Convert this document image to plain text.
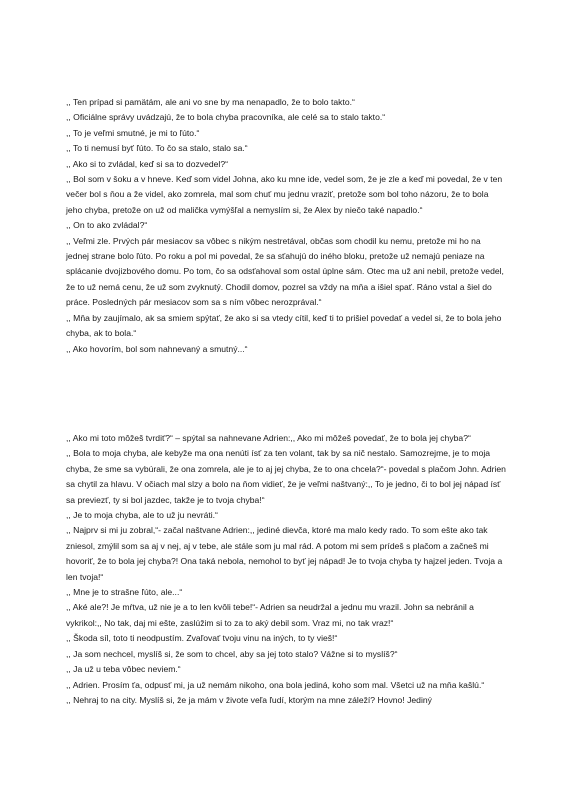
,, Ten prípad si pamätám, ale ani vo sne by ma nenapadlo, že to bolo takto.“

,, Oficiálne správy uvádzajú, že to bola chyba pracovníka, ale celé sa to stalo takto.“

,, To je veľmi smutné, je mi to ľúto.“

,, To ti nemusí byť ľúto. To čo sa stalo, stalo sa.“

,, Ako si to zvládal, keď si sa to dozvedel?“

,, Bol som v šoku a v hneve. Keď som videl Johna, ako ku mne ide, vedel som, že je zle a keď mi povedal, že v ten večer bol s ňou a že videl, ako zomrela, mal som chuť mu jednu vraziť, pretože som bol toho názoru, že to bola jeho chyba, pretože on už od malička vymýšľal a nemyslím si, že Alex by niečo také napadlo.“

,, On to ako zvládal?“

,, Veľmi zle. Prvých pár mesiacov sa vôbec s nikým nestretával, občas som chodil ku nemu, pretože mi ho na jednej strane bolo ľúto. Po roku a pol mi povedal, že sa sťahujú do iného bloku, pretože už nemajú peniaze na splácanie dvojizbového domu. Po tom, čo sa odsťahoval som ostal úplne sám. Otec ma už ani nebil, pretože vedel, že to už nemá cenu, že už som zvyknutý. Chodil domov, pozrel sa vždy na mňa a išiel spať. Ráno vstal a šiel do práce. Posledných pár mesiacov som sa s ním vôbec nerozprával.“

,, Mňa by zaujímalo, ak sa smiem spýtať, že ako si sa vtedy cítil, keď ti to prišiel povedať a vedel si, že to bola jeho chyba, ak to bola.“

,, Ako hovorím, bol som nahnevaný a smutný...“

,, Ako mi toto môžeš tvrdiť?“ – spýtal sa nahnevane Adrien:,, Ako mi môžeš povedať, že to bola jej chyba?“

,, Bola to moja chyba, ale kebyže ma ona nenúti ísť za ten volant, tak by sa nič nestalo. Samozrejme, je to moja chyba, že sme sa vybúrali, že ona zomrela, ale je to aj jej chyba, že to ona chcela?“- povedal s plačom John. Adrien sa chytil za hlavu. V očiach mal slzy a bolo na ňom vidieť, že je veľmi naštvaný:,, To je jedno, či to bol jej nápad ísť sa previezť, ty si bol jazdec, takže je to tvoja chyba!“

,, Je to moja chyba, ale to už ju nevráti.“

,, Najprv si mi ju zobral,“- začal naštvane Adrien:,, jediné dievča, ktoré ma malo kedy rado. To som ešte ako tak zniesol, zmýlil som sa aj v nej, aj v tebe, ale stále som ju mal rád. A potom mi sem prídeš s plačom a začneš mi hovoriť, že to bola jej chyba?! Ona taká nebola, nemohol to byť jej nápad! Je to tvoja chyba ty hajzel jeden. Tvoja a len tvoja!“

,, Mne je to strašne ľúto, ale...“

,, Aké ale?! Je mŕtva, už nie je a to len kvôli tebe!“- Adrien sa neudržal a jednu mu vrazil. John sa nebránil a vykrikol:,, No tak, daj mi ešte, zaslúžim si to za to aký debil som. Vraz mi, no tak vraz!“

,, Škoda síl, toto ti neodpustím. Zvaľovať tvoju vinu na iných, to ty vieš!“

,, Ja som nechcel, myslíš si, že som to chcel, aby sa jej toto stalo? Vážne si to myslíš?“

,, Ja už u teba vôbec neviem.“

,, Adrien. Prosím ťa, odpusť mi, ja už nemám nikoho, ona bola jediná, koho som mal. Všetci už na mňa kašlú.“

,, Nehraj to na city. Myslíš si, že ja mám v živote veľa ľudí, ktorým na mne záleží? Hovno! Jediný
